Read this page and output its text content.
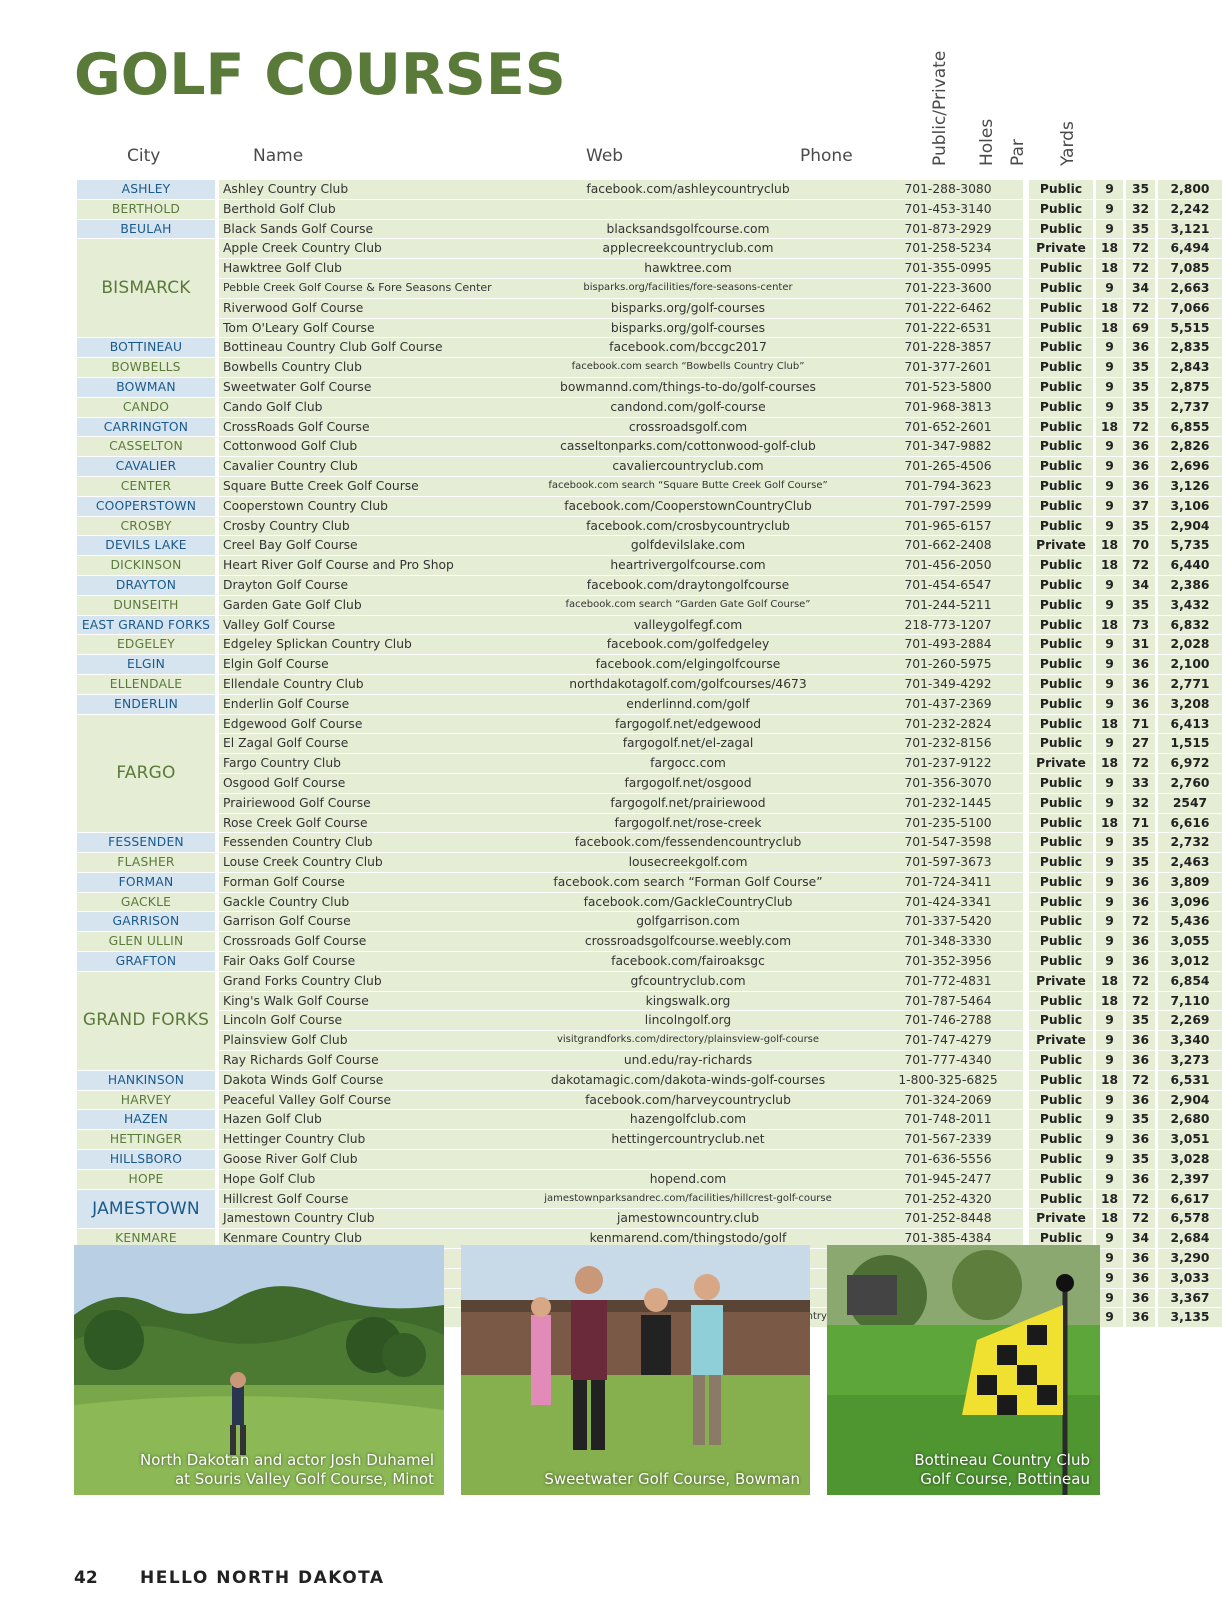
GOLF COURSES
City	Name	Web	Phone	Public/Private Holes Par Yards
ASHLEY	Ashley Country Club	facebook.com/ashleycountryclub	701-288-3080	Public	9	35	2,800
BERTHOLD	Berthold Golf Club		701-453-3140	Public	9	32	2,242
BEULAH	Black Sands Golf Course	blacksandsgolfcourse.com	701-873-2929	Public	9	35	3,121
BISMARCK	Apple Creek Country Club	applecreekcountryclub.com	701-258-5234	Private	18	72	6,494
	Hawktree Golf Club	hawktree.com	701-355-0995	Public	18	72	7,085
	Pebble Creek Golf Course & Fore Seasons Center	bisparks.org/facilities/fore-seasons-center	701-223-3600	Public	9	34	2,663
	Riverwood Golf Course	bisparks.org/golf-courses	701-222-6462	Public	18	72	7,066
	Tom O'Leary Golf Course	bisparks.org/golf-courses	701-222-6531	Public	18	69	5,515
BOTTINEAU	Bottineau Country Club Golf Course	facebook.com/bccgc2017	701-228-3857	Public	9	36	2,835
BOWBELLS	Bowbells Country Club	facebook.com search “Bowbells Country Club”	701-377-2601	Public	9	35	2,843
BOWMAN	Sweetwater Golf Course	bowmannd.com/things-to-do/golf-courses	701-523-5800	Public	9	35	2,875
CANDO	Cando Golf Club	candond.com/golf-course	701-968-3813	Public	9	35	2,737
CARRINGTON	CrossRoads Golf Course	crossroadsgolf.com	701-652-2601	Public	18	72	6,855
CASSELTON	Cottonwood Golf Club	casseltonparks.com/cottonwood-golf-club	701-347-9882	Public	9	36	2,826
CAVALIER	Cavalier Country Club	cavaliercountryclub.com	701-265-4506	Public	9	36	2,696
CENTER	Square Butte Creek Golf Course	facebook.com search “Square Butte Creek Golf Course”	701-794-3623	Public	9	36	3,126
COOPERSTOWN	Cooperstown Country Club	facebook.com/CooperstownCountryClub	701-797-2599	Public	9	37	3,106
CROSBY	Crosby Country Club	facebook.com/crosbycountryclub	701-965-6157	Public	9	35	2,904
DEVILS LAKE	Creel Bay Golf Course	golfdevilslake.com	701-662-2408	Private	18	70	5,735
DICKINSON	Heart River Golf Course and Pro Shop	heartrivergolfcourse.com	701-456-2050	Public	18	72	6,440
DRAYTON	Drayton Golf Course	facebook.com/draytongolfcourse	701-454-6547	Public	9	34	2,386
DUNSEITH	Garden Gate Golf Club	facebook.com search “Garden Gate Golf Course”	701-244-5211	Public	9	35	3,432
EAST GRAND FORKS	Valley Golf Course	valleygolfegf.com	218-773-1207	Public	18	73	6,832
EDGELEY	Edgeley Splickan Country Club	facebook.com/golfedgeley	701-493-2884	Public	9	31	2,028
ELGIN	Elgin Golf Course	facebook.com/elgingolfcourse	701-260-5975	Public	9	36	2,100
ELLENDALE	Ellendale Country Club	northdakotagolf.com/golfcourses/4673	701-349-4292	Public	9	36	2,771
ENDERLIN	Enderlin Golf Course	enderlinnd.com/golf	701-437-2369	Public	9	36	3,208
FARGO	Edgewood Golf Course	fargogolf.net/edgewood	701-232-2824	Public	18	71	6,413
	El Zagal Golf Course	fargogolf.net/el-zagal	701-232-8156	Public	9	27	1,515
	Fargo Country Club	fargocc.com	701-237-9122	Private	18	72	6,972
	Osgood Golf Course	fargogolf.net/osgood	701-356-3070	Public	9	33	2,760
	Prairiewood Golf Course	fargogolf.net/prairiewood	701-232-1445	Public	9	32	2547
	Rose Creek Golf Course	fargogolf.net/rose-creek	701-235-5100	Public	18	71	6,616
FESSENDEN	Fessenden Country Club	facebook.com/fessendencountryclub	701-547-3598	Public	9	35	2,732
FLASHER	Louse Creek Country Club	lousecreekgolf.com	701-597-3673	Public	9	35	2,463
FORMAN	Forman Golf Course	facebook.com search “Forman Golf Course”	701-724-3411	Public	9	36	3,809
GACKLE	Gackle Country Club	facebook.com/GackleCountryClub	701-424-3341	Public	9	36	3,096
GARRISON	Garrison Golf Course	golfgarrison.com	701-337-5420	Public	9	72	5,436
GLEN ULLIN	Crossroads Golf Course	crossroadsgolfcourse.weebly.com	701-348-3330	Public	9	36	3,055
GRAFTON	Fair Oaks Golf Course	facebook.com/fairoaksgc	701-352-3956	Public	9	36	3,012
GRAND FORKS	Grand Forks Country Club	gfcountryclub.com	701-772-4831	Private	18	72	6,854
	King's Walk Golf Course	kingswalk.org	701-787-5464	Public	18	72	7,110
	Lincoln Golf Course	lincolngolf.org	701-746-2788	Public	9	35	2,269
	Plainsview Golf Club	visitgrandforks.com/directory/plainsview-golf-course	701-747-4279	Private	9	36	3,340
	Ray Richards Golf Course	und.edu/ray-richards	701-777-4340	Public	9	36	3,273
HANKINSON	Dakota Winds Golf Course	dakotamagic.com/dakota-winds-golf-courses	1-800-325-6825	Public	18	72	6,531
HARVEY	Peaceful Valley Golf Course	facebook.com/harveycountryclub	701-324-2069	Public	9	36	2,904
HAZEN	Hazen Golf Club	hazengolfclub.com	701-748-2011	Public	9	35	2,680
HETTINGER	Hettinger Country Club	hettingercountryclub.net	701-567-2339	Public	9	36	3,051
HILLSBORO	Goose River Golf Club		701-636-5556	Public	9	35	3,028
HOPE	Hope Golf Club	hopend.com	701-945-2477	Public	9	36	2,397
JAMESTOWN	Hillcrest Golf Course	jamestownparksandrec.com/facilities/hillcrest-golf-course	701-252-4320	Public	18	72	6,617
	Jamestown Country Club	jamestowncountry.club	701-252-8448	Private	18	72	6,578
KENMARE	Kenmare Country Club	kenmarend.com/thingstodo/golf	701-385-4384	Public	9	34	2,684
					9	36	3,290
					9	36	3,033
					9	36	3,367
					9	36	3,135
North Dakotan and actor Josh Duhamel
at Souris Valley Golf Course, Minot	Sweetwater Golf Course, Bowman
Bottineau Country Club
Golf Course, Bottineau
42 HELLO NORTH DAKOTA
